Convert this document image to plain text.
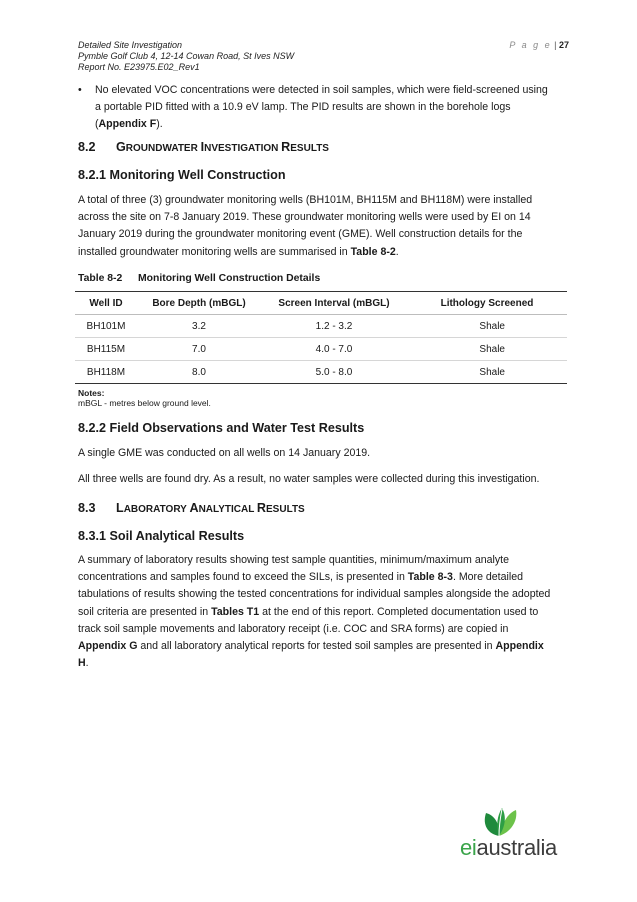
Detailed Site Investigation
Pymble Golf Club 4, 12-14 Cowan Road, St Ives NSW
Report No. E23975.E02_Rev1
P a g e | 27
• No elevated VOC concentrations were detected in soil samples, which were field-screened using
a portable PID fitted with a 10.9 eV lamp. The PID results are shown in the borehole logs
(Appendix F).
8.2 GROUNDWATER INVESTIGATION RESULTS
8.2.1 Monitoring Well Construction
A total of three (3) groundwater monitoring wells (BH101M, BH115M and BH118M) were installed
across the site on 7-8 January 2019. These groundwater monitoring wells were used by EI on 14
January 2019 during the groundwater monitoring event (GME). Well construction details for the
installed groundwater monitoring wells are summarised in Table 8-2.
Table 8-2 Monitoring Well Construction Details
Well ID	Bore Depth (mBGL)	Screen Interval (mBGL)	Lithology Screened
BH101M	3.2	1.2 - 3.2	Shale
BH115M	7.0	4.0 - 7.0	Shale
BH118M	8.0	5.0 - 8.0	Shale
Notes:
mBGL - metres below ground level.
8.2.2 Field Observations and Water Test Results
A single GME was conducted on all wells on 14 January 2019.
All three wells are found dry. As a result, no water samples were collected during this investigation.
8.3 LABORATORY ANALYTICAL RESULTS
8.3.1 Soil Analytical Results
A summary of laboratory results showing test sample quantities, minimum/maximum analyte
concentrations and samples found to exceed the SILs, is presented in Table 8-3. More detailed
tabulations of results showing the tested concentrations for individual samples alongside the adopted
soil criteria are presented in Tables T1 at the end of this report. Completed documentation used to
track soil sample movements and laboratory receipt (i.e. COC and SRA forms) are copied in
Appendix G and all laboratory analytical reports for tested soil samples are presented in Appendix
H.
eiaustralia
